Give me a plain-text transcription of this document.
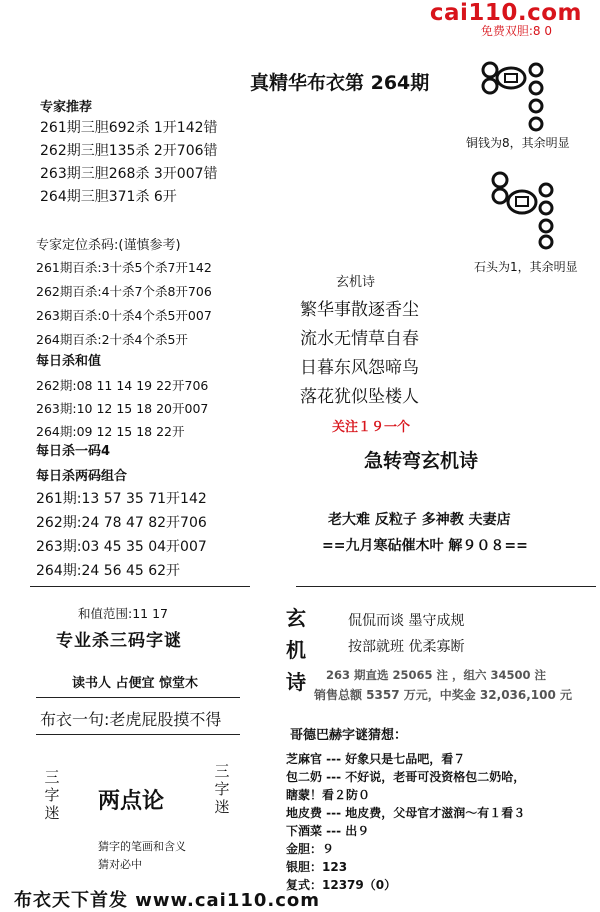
cai110.com
免费双胆:8 0
真精华布衣第 264期
专家推荐
261期三胆692杀 1开142错
262期三胆135杀 2开706错
263期三胆268杀 3开007错
264期三胆371杀 6开
专家定位杀码:(谨慎参考)
261期百杀:3十杀5个杀7开142
262期百杀:4十杀7个杀8开706
263期百杀:0十杀4个杀5开007
264期百杀:2十杀4个杀5开
每日杀和值
262期:08 11 14 19 22开706
263期:10 12 15 18 20开007
264期:09 12 15 18 22开
每日杀一码4
每日杀两码组合
261期:13 57 35 71开142
262期:24 78 47 82开706
263期:03 45 35 04开007
264期:24 56 45 62开
和值范围:11 17
专业杀三码字谜
读书人 占便宜 惊堂木
布衣一句:老虎屁股摸不得
三
字
迷 两点论
三
字
迷
猜字的笔画和含义
猜对必中
布衣天下首发 www.cai110.com
铜钱为8，其余明显
石头为1，其余明显
玄机诗
繁华事散逐香尘
流水无情草自春
日暮东风怨啼鸟
落花犹似坠楼人
关注１９一个
急转弯玄机诗
老大难 反粒子 多神教 夫妻店
==九月寒砧催木叶 解９０８==
玄
机
诗
侃侃而谈 墨守成规
按部就班 优柔寡断
263 期直选 25065 注 ，组六 34500 注
销售总额 5357 万元，中奖金 32,036,100 元
哥德巴赫字谜猜想：
芝麻官 --- 好象只是七品吧，看７
包二奶 --- 不好说，老哥可没资格包二奶哈，
瞎蒙！看２防０
地皮费 --- 地皮费，父母官才滋润～有１看３
下酒菜 --- 出９
金胆：９
银胆：123
复式：12379（0）
